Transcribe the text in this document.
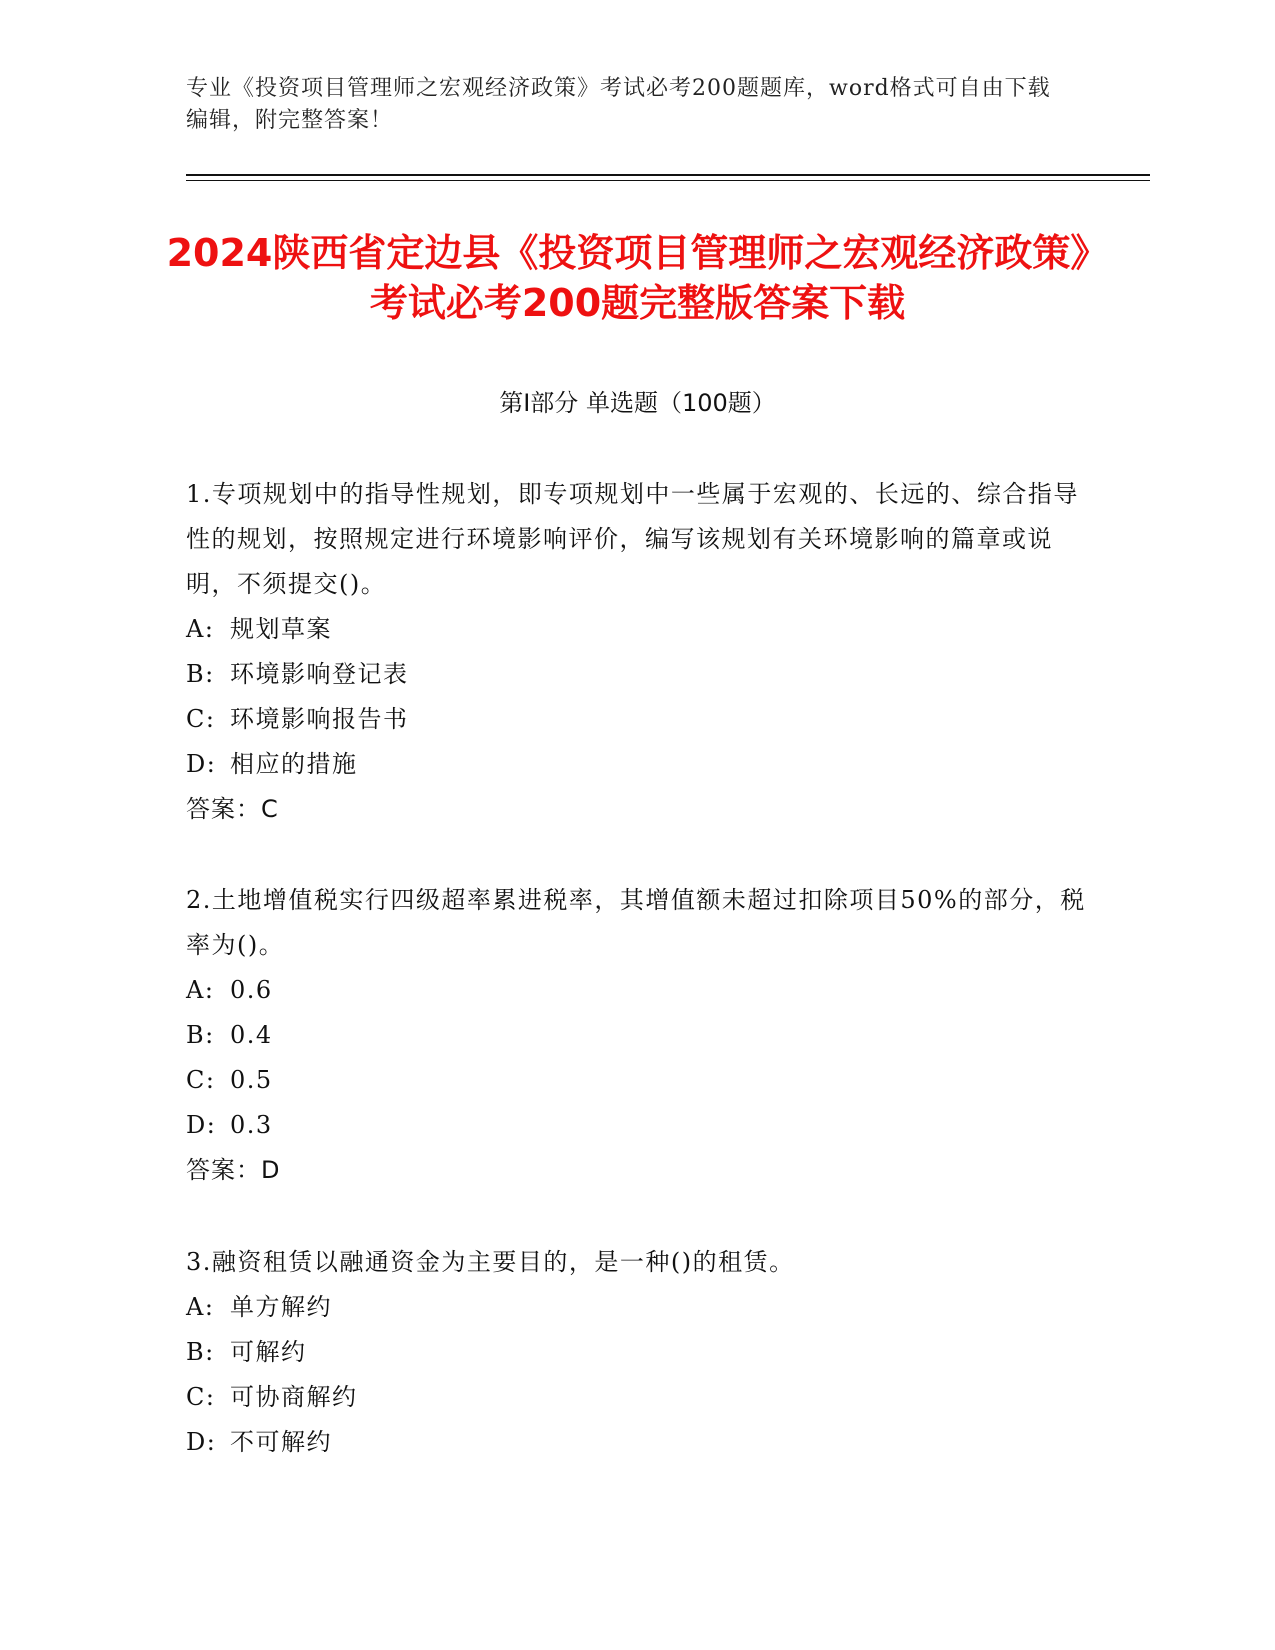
专业《投资项目管理师之宏观经济政策》考试必考200题题库，word格式可自由下载编辑，附完整答案！
2024陕西省定边县《投资项目管理师之宏观经济政策》考试必考200题完整版答案下载
第Ⅰ部分 单选题（100题）
1.专项规划中的指导性规划，即专项规划中一些属于宏观的、长远的、综合指导性的规划，按照规定进行环境影响评价，编写该规划有关环境影响的篇章或说明，不须提交()。
A: 规划草案
B: 环境影响登记表
C: 环境影响报告书
D: 相应的措施
答案：C
2.土地增值税实行四级超率累进税率，其增值额未超过扣除项目50%的部分，税率为()。
A: 0.6
B: 0.4
C: 0.5
D: 0.3
答案：D
3.融资租赁以融通资金为主要目的，是一种()的租赁。
A: 单方解约
B: 可解约
C: 可协商解约
D: 不可解约
